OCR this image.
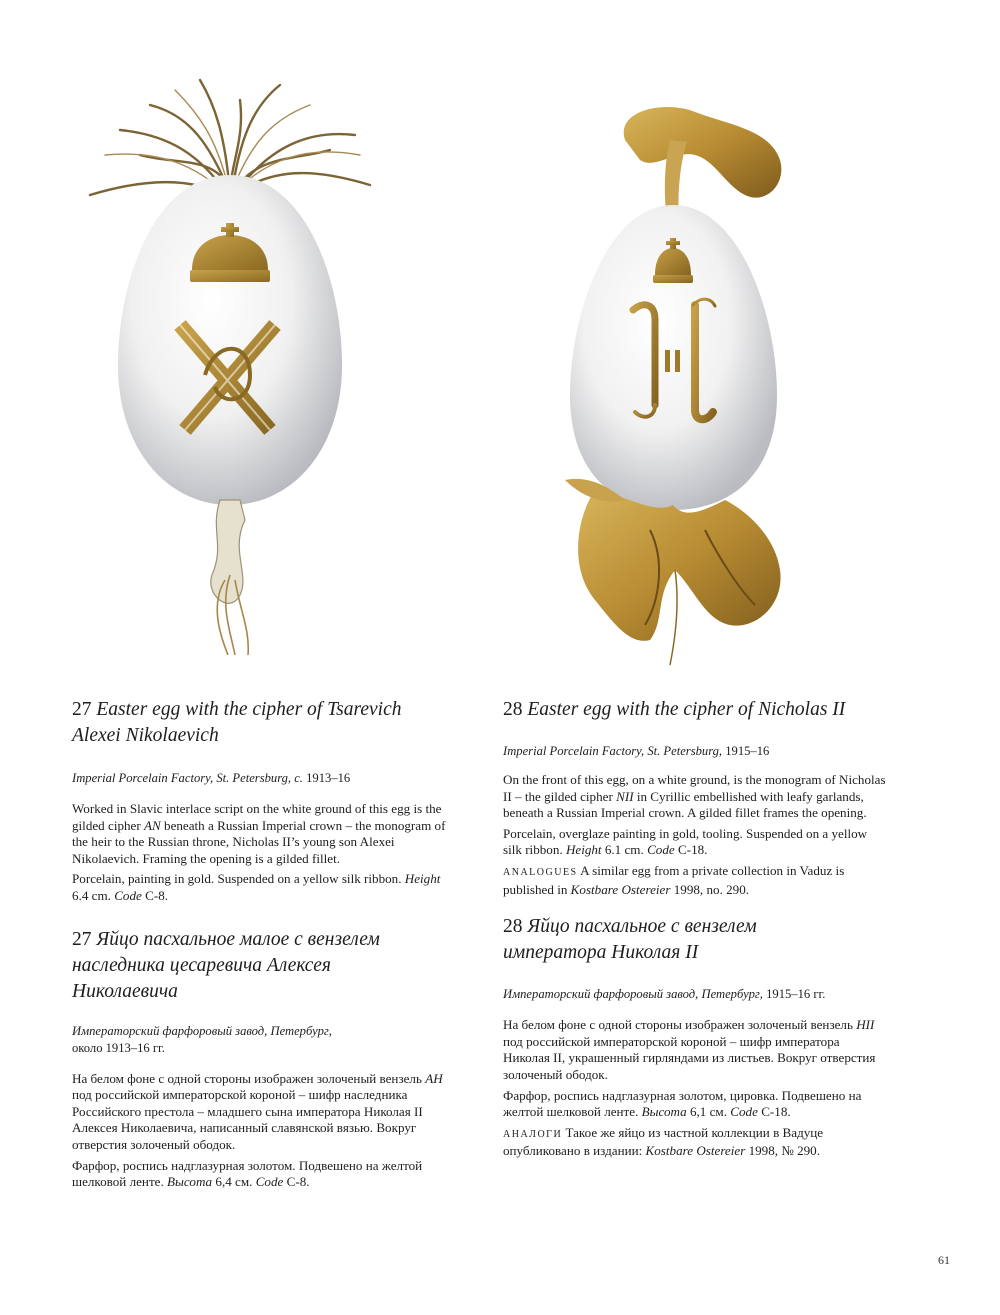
27 Easter egg with the cipher of Tsarevich
Alexei Nikolaevich

Imperial Porcelain Factory, St. Petersburg, c. 1913–16

Worked in Slavic interlace script on the white ground of this egg is the gilded cipher AN beneath a Russian Imperial crown – the monogram of the heir to the Russian throne, Nicholas II’s young son Alexei Nikolaevich. Framing the opening is a gilded fillet.

Porcelain, painting in gold. Suspended on a yellow silk ribbon. Height 6.4 cm. Code C-8.

27 Яйцо пасхальное малое с вензелем
наследника цесаревича Алексея
Николаевича

Императорский фарфоровый завод, Петербург,
около 1913–16 гг.

На белом фоне с одной стороны изображен золоченый вензель АН под российской императорской короной – шифр наследника Российского престола – младшего сына императора Николая II Алексея Николаевича, написанный славянской вязью. Вокруг отверстия золоченый ободок.

Фарфор, роспись надглазурная золотом. Подвешено на желтой шелковой ленте. Высота 6,4 см. Code C-8.

28 Easter egg with the cipher of Nicholas II

Imperial Porcelain Factory, St. Petersburg, 1915–16

On the front of this egg, on a white ground, is the monogram of Nicholas II – the gilded cipher NII in Cyrillic embellished with leafy garlands, beneath a Russian Imperial crown. A gilded fillet frames the opening.

Porcelain, overglaze painting in gold, tooling. Suspended on a yellow silk ribbon. Height 6.1 cm. Code C-18.

ANALOGUES A similar egg from a private collection in Vaduz is published in Kostbare Ostereier 1998, no. 290.

28 Яйцо пасхальное с вензелем
императора Николая II

Императорский фарфоровый завод, Петербург, 1915–16 гг.

На белом фоне с одной стороны изображен золоченый вензель НII под российской императорской короной – шифр императора Николая II, украшенный гирляндами из листьев. Вокруг отверстия золоченый ободок.

Фарфор, роспись надглазурная золотом, цировка. Подвешено на желтой шелковой ленте. Высота 6,1 см. Code C-18.

АНАЛОГИ Такое же яйцо из частной коллекции в Вадуце опубликовано в издании: Kostbare Ostereier 1998, № 290.

61
